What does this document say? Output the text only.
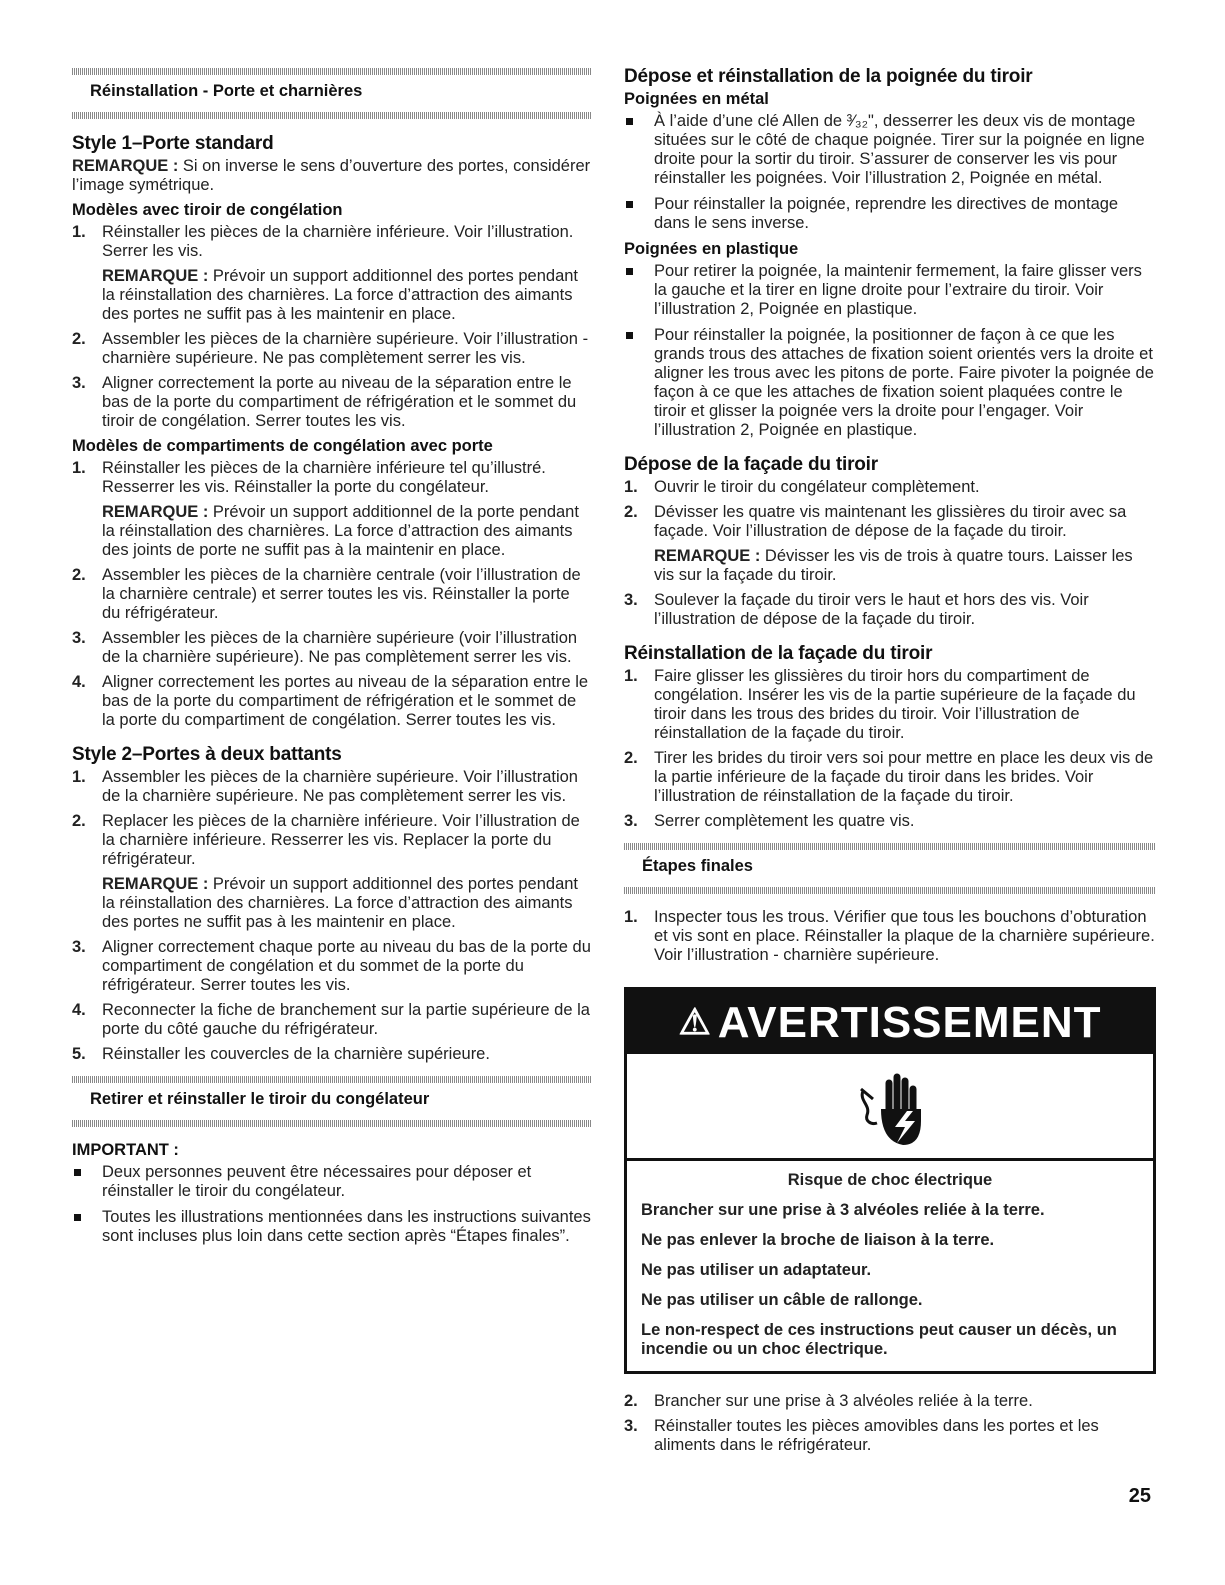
Réinstallation - Porte et charnières
Style 1–Porte standard

REMARQUE : Si on inverse le sens d’ouverture des portes, considérer l’image symétrique.

Modèles avec tiroir de congélation
1. Réinstaller les pièces de la charnière inférieure. Voir l’illustration. Serrer les vis.

REMARQUE : Prévoir un support additionnel des portes pendant la réinstallation des charnières. La force d’attraction des aimants des portes ne suffit pas à les maintenir en place.

2. Assembler les pièces de la charnière supérieure. Voir l’illustration - charnière supérieure. Ne pas complètement serrer les vis.
3. Aligner correctement la porte au niveau de la séparation entre le bas de la porte du compartiment de réfrigération et le sommet du tiroir de congélation. Serrer toutes les vis.
Modèles de compartiments de congélation avec porte
1. Réinstaller les pièces de la charnière inférieure tel qu’illustré. Resserrer les vis. Réinstaller la porte du congélateur.

REMARQUE : Prévoir un support additionnel de la porte pendant la réinstallation des charnières. La force d’attraction des aimants des joints de porte ne suffit pas à la maintenir en place.

2. Assembler les pièces de la charnière centrale (voir l’illustration de la charnière centrale) et serrer toutes les vis. Réinstaller la porte du réfrigérateur.
3. Assembler les pièces de la charnière supérieure (voir l’illustration de la charnière supérieure). Ne pas complètement serrer les vis.
4. Aligner correctement les portes au niveau de la séparation entre le bas de la porte du compartiment de réfrigération et le sommet de la porte du compartiment de congélation. Serrer toutes les vis.
Style 2–Portes à deux battants
1. Assembler les pièces de la charnière supérieure. Voir l’illustration de la charnière supérieure. Ne pas complètement serrer les vis.
2. Replacer les pièces de la charnière inférieure. Voir l’illustration de la charnière inférieure. Resserrer les vis. Replacer la porte du réfrigérateur.

REMARQUE : Prévoir un support additionnel des portes pendant la réinstallation des charnières. La force d’attraction des aimants des portes ne suffit pas à les maintenir en place.

3. Aligner correctement chaque porte au niveau du bas de la porte du compartiment de congélation et du sommet de la porte du réfrigérateur. Serrer toutes les vis.
4. Reconnecter la fiche de branchement sur la partie supérieure de la porte du côté gauche du réfrigérateur.
5. Réinstaller les couvercles de la charnière supérieure.
Retirer et réinstaller le tiroir du congélateur
IMPORTANT :
Deux personnes peuvent être nécessaires pour déposer et réinstaller le tiroir du congélateur.
Toutes les illustrations mentionnées dans les instructions suivantes sont incluses plus loin dans cette section après “Étapes finales”.
Dépose et réinstallation de la poignée du tiroir
Poignées en métal
À l’aide d’une clé Allen de ³⁄₃₂", desserrer les deux vis de montage situées sur le côté de chaque poignée. Tirer sur la poignée en ligne droite pour la sortir du tiroir. S’assurer de conserver les vis pour réinstaller les poignées. Voir l’illustration 2, Poignée en métal.
Pour réinstaller la poignée, reprendre les directives de montage dans le sens inverse.
Poignées en plastique
Pour retirer la poignée, la maintenir fermement, la faire glisser vers la gauche et la tirer en ligne droite pour l’extraire du tiroir. Voir l’illustration 2, Poignée en plastique.
Pour réinstaller la poignée, la positionner de façon à ce que les grands trous des attaches de fixation soient orientés vers la droite et aligner les trous avec les pitons de porte. Faire pivoter la poignée de façon à ce que les attaches de fixation soient plaquées contre le tiroir et glisser la poignée vers la droite pour l’engager. Voir l’illustration 2, Poignée en plastique.
Dépose de la façade du tiroir
1. Ouvrir le tiroir du congélateur complètement.
2. Dévisser les quatre vis maintenant les glissières du tiroir avec sa façade. Voir l’illustration de dépose de la façade du tiroir.

REMARQUE : Dévisser les vis de trois à quatre tours. Laisser les vis sur la façade du tiroir.

3. Soulever la façade du tiroir vers le haut et hors des vis. Voir l’illustration de dépose de la façade du tiroir.
Réinstallation de la façade du tiroir
1. Faire glisser les glissières du tiroir hors du compartiment de congélation. Insérer les vis de la partie supérieure de la façade du tiroir dans les trous des brides du tiroir. Voir l’illustration de réinstallation de la façade du tiroir.
2. Tirer les brides du tiroir vers soi pour mettre en place les deux vis de la partie inférieure de la façade du tiroir dans les brides. Voir l’illustration de réinstallation de la façade du tiroir.
3. Serrer complètement les quatre vis.
Étapes finales
1. Inspecter tous les trous. Vérifier que tous les bouchons d’obturation et vis sont en place. Réinstaller la plaque de la charnière supérieure. Voir l’illustration - charnière supérieure.
⚠ AVERTISSEMENT

Risque de choc électrique

Brancher sur une prise à 3 alvéoles reliée à la terre.

Ne pas enlever la broche de liaison à la terre.

Ne pas utiliser un adaptateur.

Ne pas utiliser un câble de rallonge.

Le non-respect de ces instructions peut causer un décès, un incendie ou un choc électrique.

2. Brancher sur une prise à 3 alvéoles reliée à la terre.
3. Réinstaller toutes les pièces amovibles dans les portes et les aliments dans le réfrigérateur.
25
